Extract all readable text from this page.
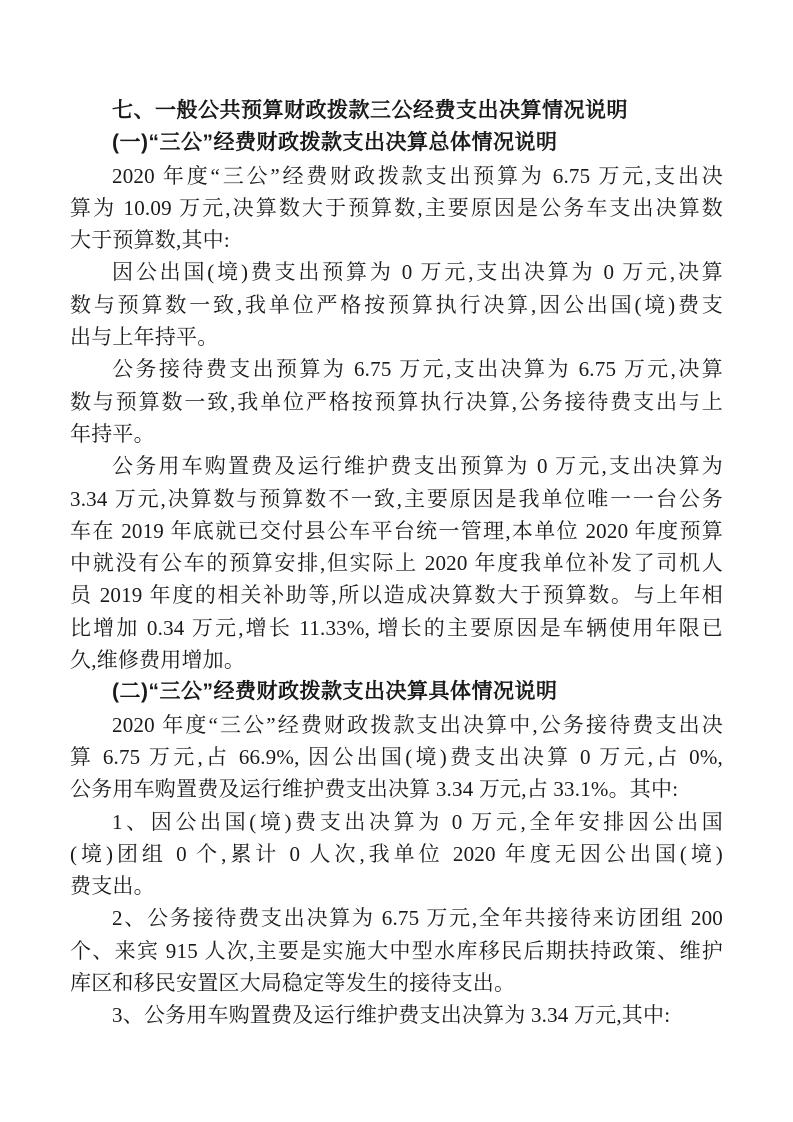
七、一般公共预算财政拨款三公经费支出决算情况说明
(一)“三公”经费财政拨款支出决算总体情况说明
2020 年度“三公”经费财政拨款支出预算为 6.75 万元,支出决
算为 10.09 万元,决算数大于预算数,主要原因是公务车支出决算数
大于预算数,其中:
因公出国(境)费支出预算为 0 万元,支出决算为 0 万元,决算
数与预算数一致,我单位严格按预算执行决算,因公出国(境)费支
出与上年持平。
公务接待费支出预算为 6.75 万元,支出决算为 6.75 万元,决算
数与预算数一致,我单位严格按预算执行决算,公务接待费支出与上
年持平。
公务用车购置费及运行维护费支出预算为 0 万元,支出决算为
3.34 万元,决算数与预算数不一致,主要原因是我单位唯一一台公务
车在 2019 年底就已交付县公车平台统一管理,本单位 2020 年度预算
中就没有公车的预算安排,但实际上 2020 年度我单位补发了司机人
员 2019 年度的相关补助等,所以造成决算数大于预算数。与上年相
比增加 0.34 万元,增长 11.33%, 增长的主要原因是车辆使用年限已
久,维修费用增加。
(二)“三公”经费财政拨款支出决算具体情况说明
2020 年度“三公”经费财政拨款支出决算中,公务接待费支出决
算 6.75 万元,占 66.9%, 因公出国(境)费支出决算 0 万元,占 0%,
公务用车购置费及运行维护费支出决算 3.34 万元,占 33.1%。其中:
1、因公出国(境)费支出决算为 0 万元,全年安排因公出国
(境)团组 0 个,累计 0 人次,我单位 2020 年度无因公出国(境)
费支出。
2、公务接待费支出决算为 6.75 万元,全年共接待来访团组 200
个、来宾 915 人次,主要是实施大中型水库移民后期扶持政策、维护
库区和移民安置区大局稳定等发生的接待支出。
3、公务用车购置费及运行维护费支出决算为 3.34 万元,其中:
